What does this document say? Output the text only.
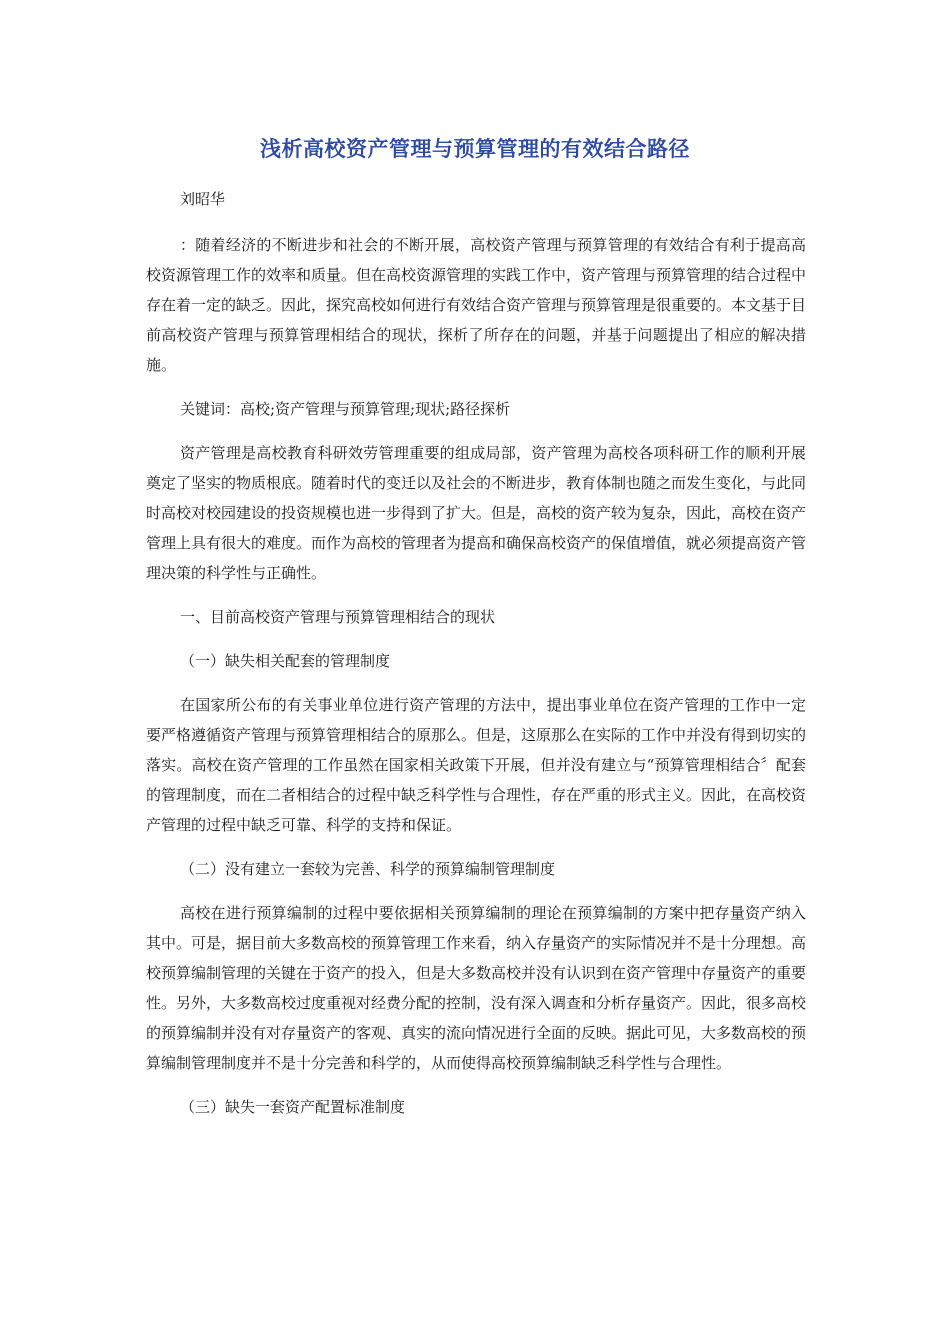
浅析高校资产管理与预算管理的有效结合路径
刘昭华

：随着经济的不断进步和社会的不断开展，高校资产管理与预算管理的有效结合有利于提高高校资源管理工作的效率和质量。但在高校资源管理的实践工作中，资产管理与预算管理的结合过程中存在着一定的缺乏。因此，探究高校如何进行有效结合资产管理与预算管理是很重要的。本文基于目前高校资产管理与预算管理相结合的现状，探析了所存在的问题，并基于问题提出了相应的解决措施。

关键词：高校;资产管理与预算管理;现状;路径探析

资产管理是高校教育科研效劳管理重要的组成局部，资产管理为高校各项科研工作的顺利开展奠定了坚实的物质根底。随着时代的变迁以及社会的不断进步，教育体制也随之而发生变化，与此同时高校对校园建设的投资规模也进一步得到了扩大。但是，高校的资产较为复杂，因此，高校在资产管理上具有很大的难度。而作为高校的管理者为提高和确保高校资产的保值增值，就必须提高资产管理决策的科学性与正确性。

一、目前高校资产管理与预算管理相结合的现状
（一）缺失相关配套的管理制度

在国家所公布的有关事业单位进行资产管理的方法中，提出事业单位在资产管理的工作中一定要严格遵循资产管理与预算管理相结合的原那么。但是，这原那么在实际的工作中并没有得到切实的落实。高校在资产管理的工作虽然在国家相关政策下开展，但并没有建立与“预算管理相结合〞配套的管理制度，而在二者相结合的过程中缺乏科学性与合理性，存在严重的形式主义。因此，在高校资产管理的过程中缺乏可靠、科学的支持和保证。

（二）没有建立一套较为完善、科学的预算编制管理制度

高校在进行预算编制的过程中要依据相关预算编制的理论在预算编制的方案中把存量资产纳入其中。可是，据目前大多数高校的预算管理工作来看，纳入存量资产的实际情况并不是十分理想。高校预算编制管理的关键在于资产的投入，但是大多数高校并没有认识到在资产管理中存量资产的重要性。另外，大多数高校过度重视对经费分配的控制，没有深入调查和分析存量资产。因此，很多高校的预算编制并没有对存量资产的客观、真实的流向情况进行全面的反映。据此可见，大多数高校的预算编制管理制度并不是十分完善和科学的，从而使得高校预算编制缺乏科学性与合理性。

（三）缺失一套资产配置标准制度
